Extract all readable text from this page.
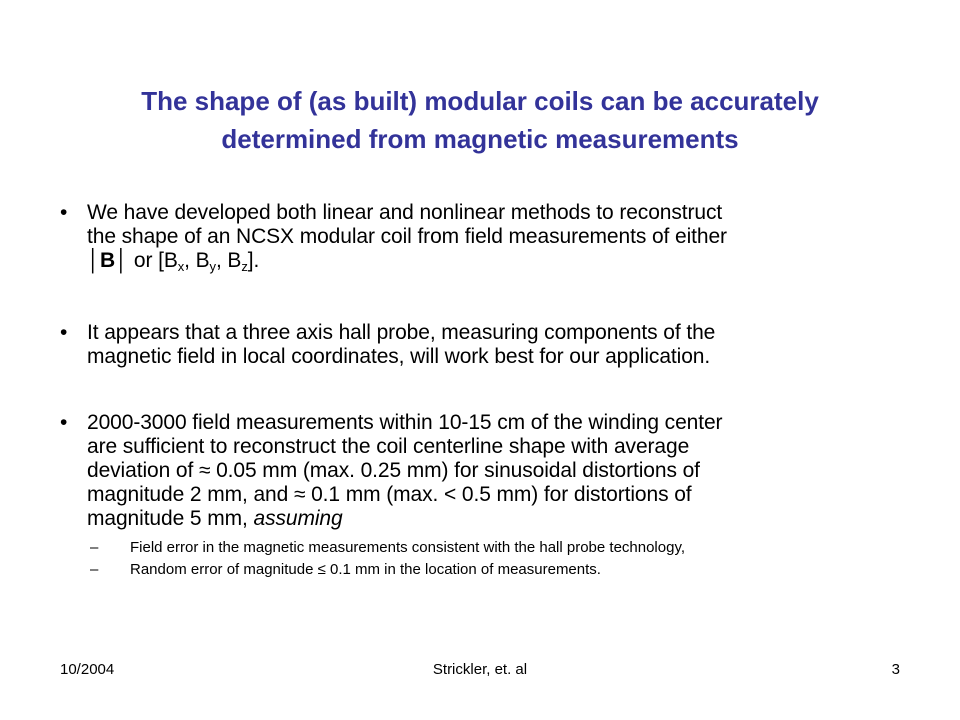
The shape of (as built) modular coils can be accurately
determined from magnetic measurements
• We have developed both linear and nonlinear methods to reconstruct
the shape of an NCSX modular coil from field measurements of either
│B│ or [$B_x$, $B_y$, $B_z$].
• It appears that a three axis hall probe, measuring components of the
magnetic field in local coordinates, will work best for our application.
• 2000-3000 field measurements within 10-15 cm of the winding center
are sufficient to reconstruct the coil centerline shape with average
deviation of ≈ 0.05 mm (max. 0.25 mm) for sinusoidal distortions of
magnitude 2 mm, and ≈ 0.1 mm (max. < 0.5 mm) for distortions of
magnitude 5 mm, assuming
– Field error in the magnetic measurements consistent with the hall probe technology,
– Random error of magnitude ≤ 0.1 mm in the location of measurements.
Strickler, et. al
10/2004	3
